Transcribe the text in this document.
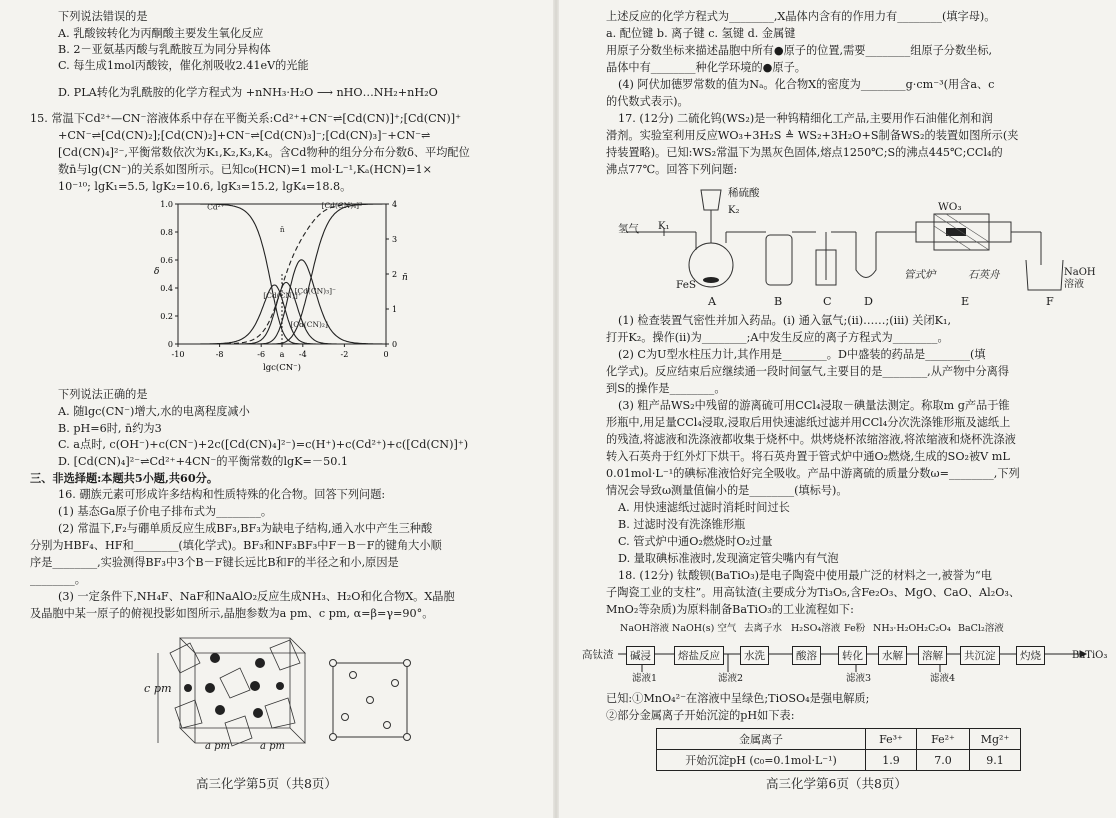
下列说法错误的是
A. 乳酸铵转化为丙酮酸主要发生氧化反应
B. 2－亚氨基丙酸与乳酰胺互为同分异构体
C. 每生成1mol丙酸铵，催化剂吸收2.41eV的光能
D. PLA转化为乳酰胺的化学方程式为 +nNH₃·H₂O ⟶ nHO…NH₂+nH₂O
15. 常温下Cd²⁺—CN⁻溶液体系中存在平衡关系:Cd²⁺+CN⁻⇌[Cd(CN)]⁺;[Cd(CN)]⁺
+CN⁻⇌[Cd(CN)₂];[Cd(CN)₂]+CN⁻⇌[Cd(CN)₃]⁻;[Cd(CN)₃]⁻+CN⁻⇌
[Cd(CN)₄]²⁻,平衡常数依次为K₁,K₂,K₃,K₄。含Cd物种的组分分布分数δ、平均配位
数n̄与lg(CN⁻)的关系如图所示。已知c₀(HCN)=1 mol·L⁻¹,Kₐ(HCN)=1×
10⁻¹⁰; lgK₁=5.5, lgK₂=10.6, lgK₃=15.2, lgK₄=18.8。
Cd²⁺
[Cd(CN)]⁺
[Cd(CN)₂]
[Cd(CN)₃]⁻
[Cd(CN)₄]²⁻
n̄
-10	-8	-6 a -4	-2	0
0
0.2
0.4
0.6
0.8
1.0
0
1
2
3
4
lgc(CN⁻)
δ
n̄
下列说法正确的是
A. 随lgc(CN⁻)增大,水的电离程度减小
B. pH=6时, n̄约为3
C. a点时, c(OH⁻)+c(CN⁻)+2c([Cd(CN)₄]²⁻)=c(H⁺)+c(Cd²⁺)+c([Cd(CN)]⁺)
D. [Cd(CN)₄]²⁻⇌Cd²⁺+4CN⁻的平衡常数的lgK=－50.1
三、非选择题:本题共5小题,共60分。
16. 硼族元素可形成许多结构和性质特殊的化合物。回答下列问题:
(1) 基态Ga原子价电子排布式为________。
(2) 常温下,F₂与硼单质反应生成BF₃,BF₃为缺电子结构,通入水中产生三种酸
分别为HBF₄、HF和________(填化学式)。BF₃和NF₃BF₃中F－B－F的键角大小顺
序是________,实验测得BF₃中3个B－F键长远比B和F的半径之和小,原因是
________。
(3) 一定条件下,NH₄F、NaF和NaAlO₂反应生成NH₃、H₂O和化合物X。X晶胞
及晶胞中某一原子的俯视投影如图所示,晶胞参数为a pm、c pm, α=β=γ=90°。
c pm
a pm	a pm
高三化学第5页（共8页）
上述反应的化学方程式为________,X晶体内含有的作用力有________(填字母)。
a. 配位键 b. 离子键 c. 氢键 d. 金属键
用原子分数坐标来描述晶胞中所有●原子的位置,需要________组原子分数坐标,
晶体中有________种化学环境的●原子。
(4) 阿伏加德罗常数的值为Nₐ。化合物X的密度为________g·cm⁻³(用含a、c
的代数式表示)。
17. (12分) 二硫化钨(WS₂)是一种钨精细化工产品,主要用作石油催化剂和润
滑剂。实验室利用反应WO₃+3H₂S ≜ WS₂+3H₂O+S制备WS₂的装置如图所示(夹
持装置略)。已知:WS₂常温下为黑灰色固体,熔点1250℃;S的沸点445℃;CCl₄的
沸点77℃。回答下列问题:
氢气 K₁
稀硫酸
K₂
FeS
WO₃
管式炉	石英舟	NaOH
溶液
A	B	C	D	E	F
(1) 检查装置气密性并加入药品。(ⅰ) 通入氩气;(ⅱ)……;(ⅲ) 关闭K₁,
打开K₂。操作(ⅱ)为________;A中发生反应的离子方程式为________。
(2) C为U型水柱压力计,其作用是________。D中盛装的药品是________(填
化学式)。反应结束后应继续通一段时间氩气,主要目的是________,从产物中分离得
到S的操作是________。
(3) 粗产品WS₂中残留的游离硫可用CCl₄浸取－碘量法测定。称取m g产品于锥
形瓶中,用足量CCl₄浸取,浸取后用快速滤纸过滤并用CCl₄分次洗涤锥形瓶及滤纸上
的残渣,将滤液和洗涤液都收集于烧杯中。烘烤烧杯浓缩溶液,将浓缩液和烧杯洗涤液
转入石英舟于红外灯下烘干。将石英舟置于管式炉中通O₂燃烧,生成的SO₂被V mL
0.01mol·L⁻¹的碘标准液恰好完全吸收。产品中游离硫的质量分数ω=________,下列
情况会导致ω测量值偏小的是________(填标号)。
A. 用快速滤纸过滤时消耗时间过长
B. 过滤时没有洗涤锥形瓶
C. 管式炉中通O₂燃烧时O₂过量
D. 量取碘标准液时,发现滴定管尖嘴内有气泡
18. (12分) 钛酸钡(BaTiO₃)是电子陶瓷中使用最广泛的材料之一,被誉为“电
子陶瓷工业的支柱”。用高钛渣(主要成分为Ti₃O₅,含Fe₂O₃、MgO、CaO、Al₂O₃、
MnO₂等杂质)为原料制备BaTiO₃的工业流程如下:
NaOH溶液 NaOH(s) 空气 去离子水 H₂SO₄溶液 Fe粉 NH₃·H₂O H₂C₂O₄ BaCl₂溶液
高钛渣	碱浸	熔盐反应	水洗	酸溶	转化	水解	溶解	共沉淀	灼烧	BaTiO₃
滤液1	滤液2	滤液3	滤液4
已知:①MnO₄²⁻在溶液中呈绿色;TiOSO₄是强电解质;
②部分金属离子开始沉淀的pH如下表:
金属离子	Fe³⁺	Fe²⁺	Mg²⁺
开始沉淀pH (c₀=0.1mol·L⁻¹)	1.9	7.0	9.1
高三化学第6页（共8页）
